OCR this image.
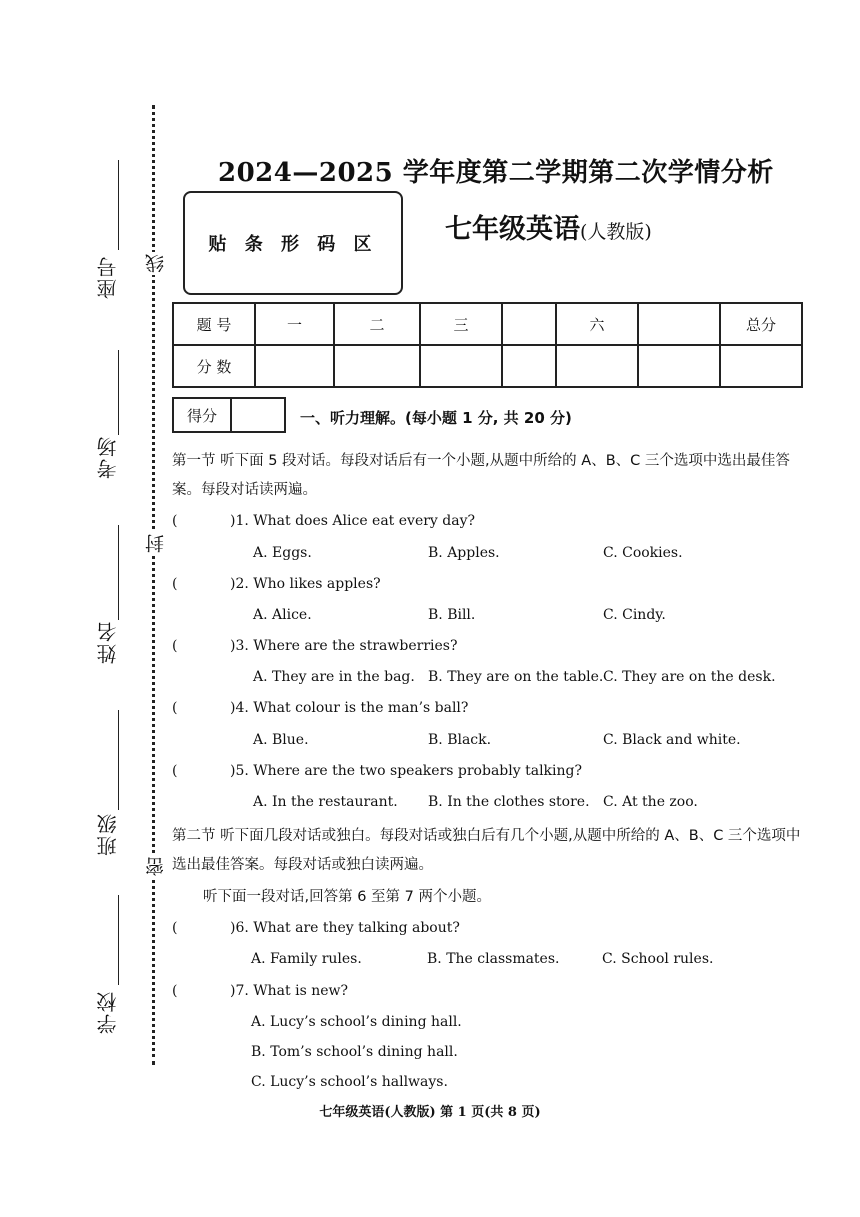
座号
考场
姓名
班级
学校
线
封
密
2024—2025 学年度第二学期第二次学情分析
贴 条 形 码 区 七年级英语(人教版)
题 号	一	二	三		六		总分
分 数							
得分	一、听力理解。(每小题 1 分, 共 20 分)
第一节 听下面 5 段对话。每段对话后有一个小题,从题中所给的 A、B、C 三个选项中选出最佳答案。每段对话读两遍。
(	)1. What does Alice eat every day?
A. Eggs.	B. Apples.	C. Cookies.
(	)2. Who likes apples?
A. Alice.	B. Bill.	C. Cindy.
(	)3. Where are the strawberries?
A. They are in the bag. B. They are on the table. C. They are on the desk.
(	)4. What colour is the man’s ball?
A. Blue.	B. Black.	C. Black and white.
(	)5. Where are the two speakers probably talking?
A. In the restaurant. B. In the clothes store. C. At the zoo.
第二节 听下面几段对话或独白。每段对话或独白后有几个小题,从题中所给的 A、B、C 三个选项中选出最佳答案。每段对话或独白读两遍。
听下面一段对话,回答第 6 至第 7 两个小题。
(	)6. What are they talking about?
A. Family rules.	B. The classmates.	C. School rules.
(	)7. What is new?
A. Lucy’s school’s dining hall.
B. Tom’s school’s dining hall.
C. Lucy’s school’s hallways.
七年级英语(人教版) 第 1 页(共 8 页)
